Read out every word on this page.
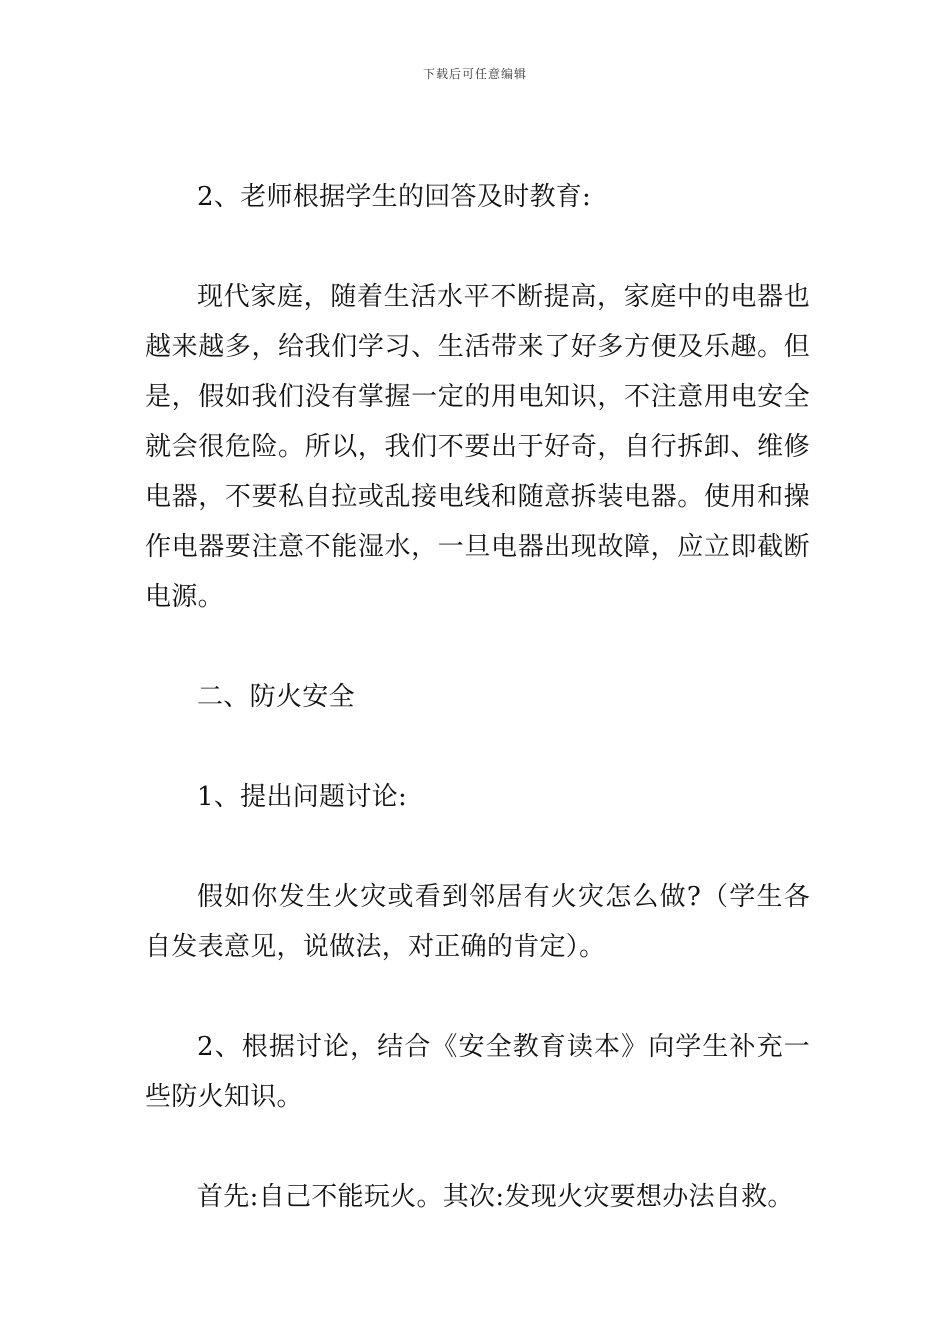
下载后可任意编辑

2、老师根据学生的回答及时教育:

现代家庭，随着生活水平不断提高，家庭中的电器也越来越多，给我们学习、生活带来了好多方便及乐趣。但是，假如我们没有掌握一定的用电知识，不注意用电安全就会很危险。所以，我们不要出于好奇，自行拆卸、维修电器，不要私自拉或乱接电线和随意拆装电器。使用和操作电器要注意不能湿水，一旦电器出现故障，应立即截断电源。

二、防火安全

1、提出问题讨论:

假如你发生火灾或看到邻居有火灾怎么做?（学生各自发表意见，说做法，对正确的肯定）。

2、根据讨论，结合《安全教育读本》向学生补充一些防火知识。

首先:自己不能玩火。其次:发现火灾要想办法自救。
